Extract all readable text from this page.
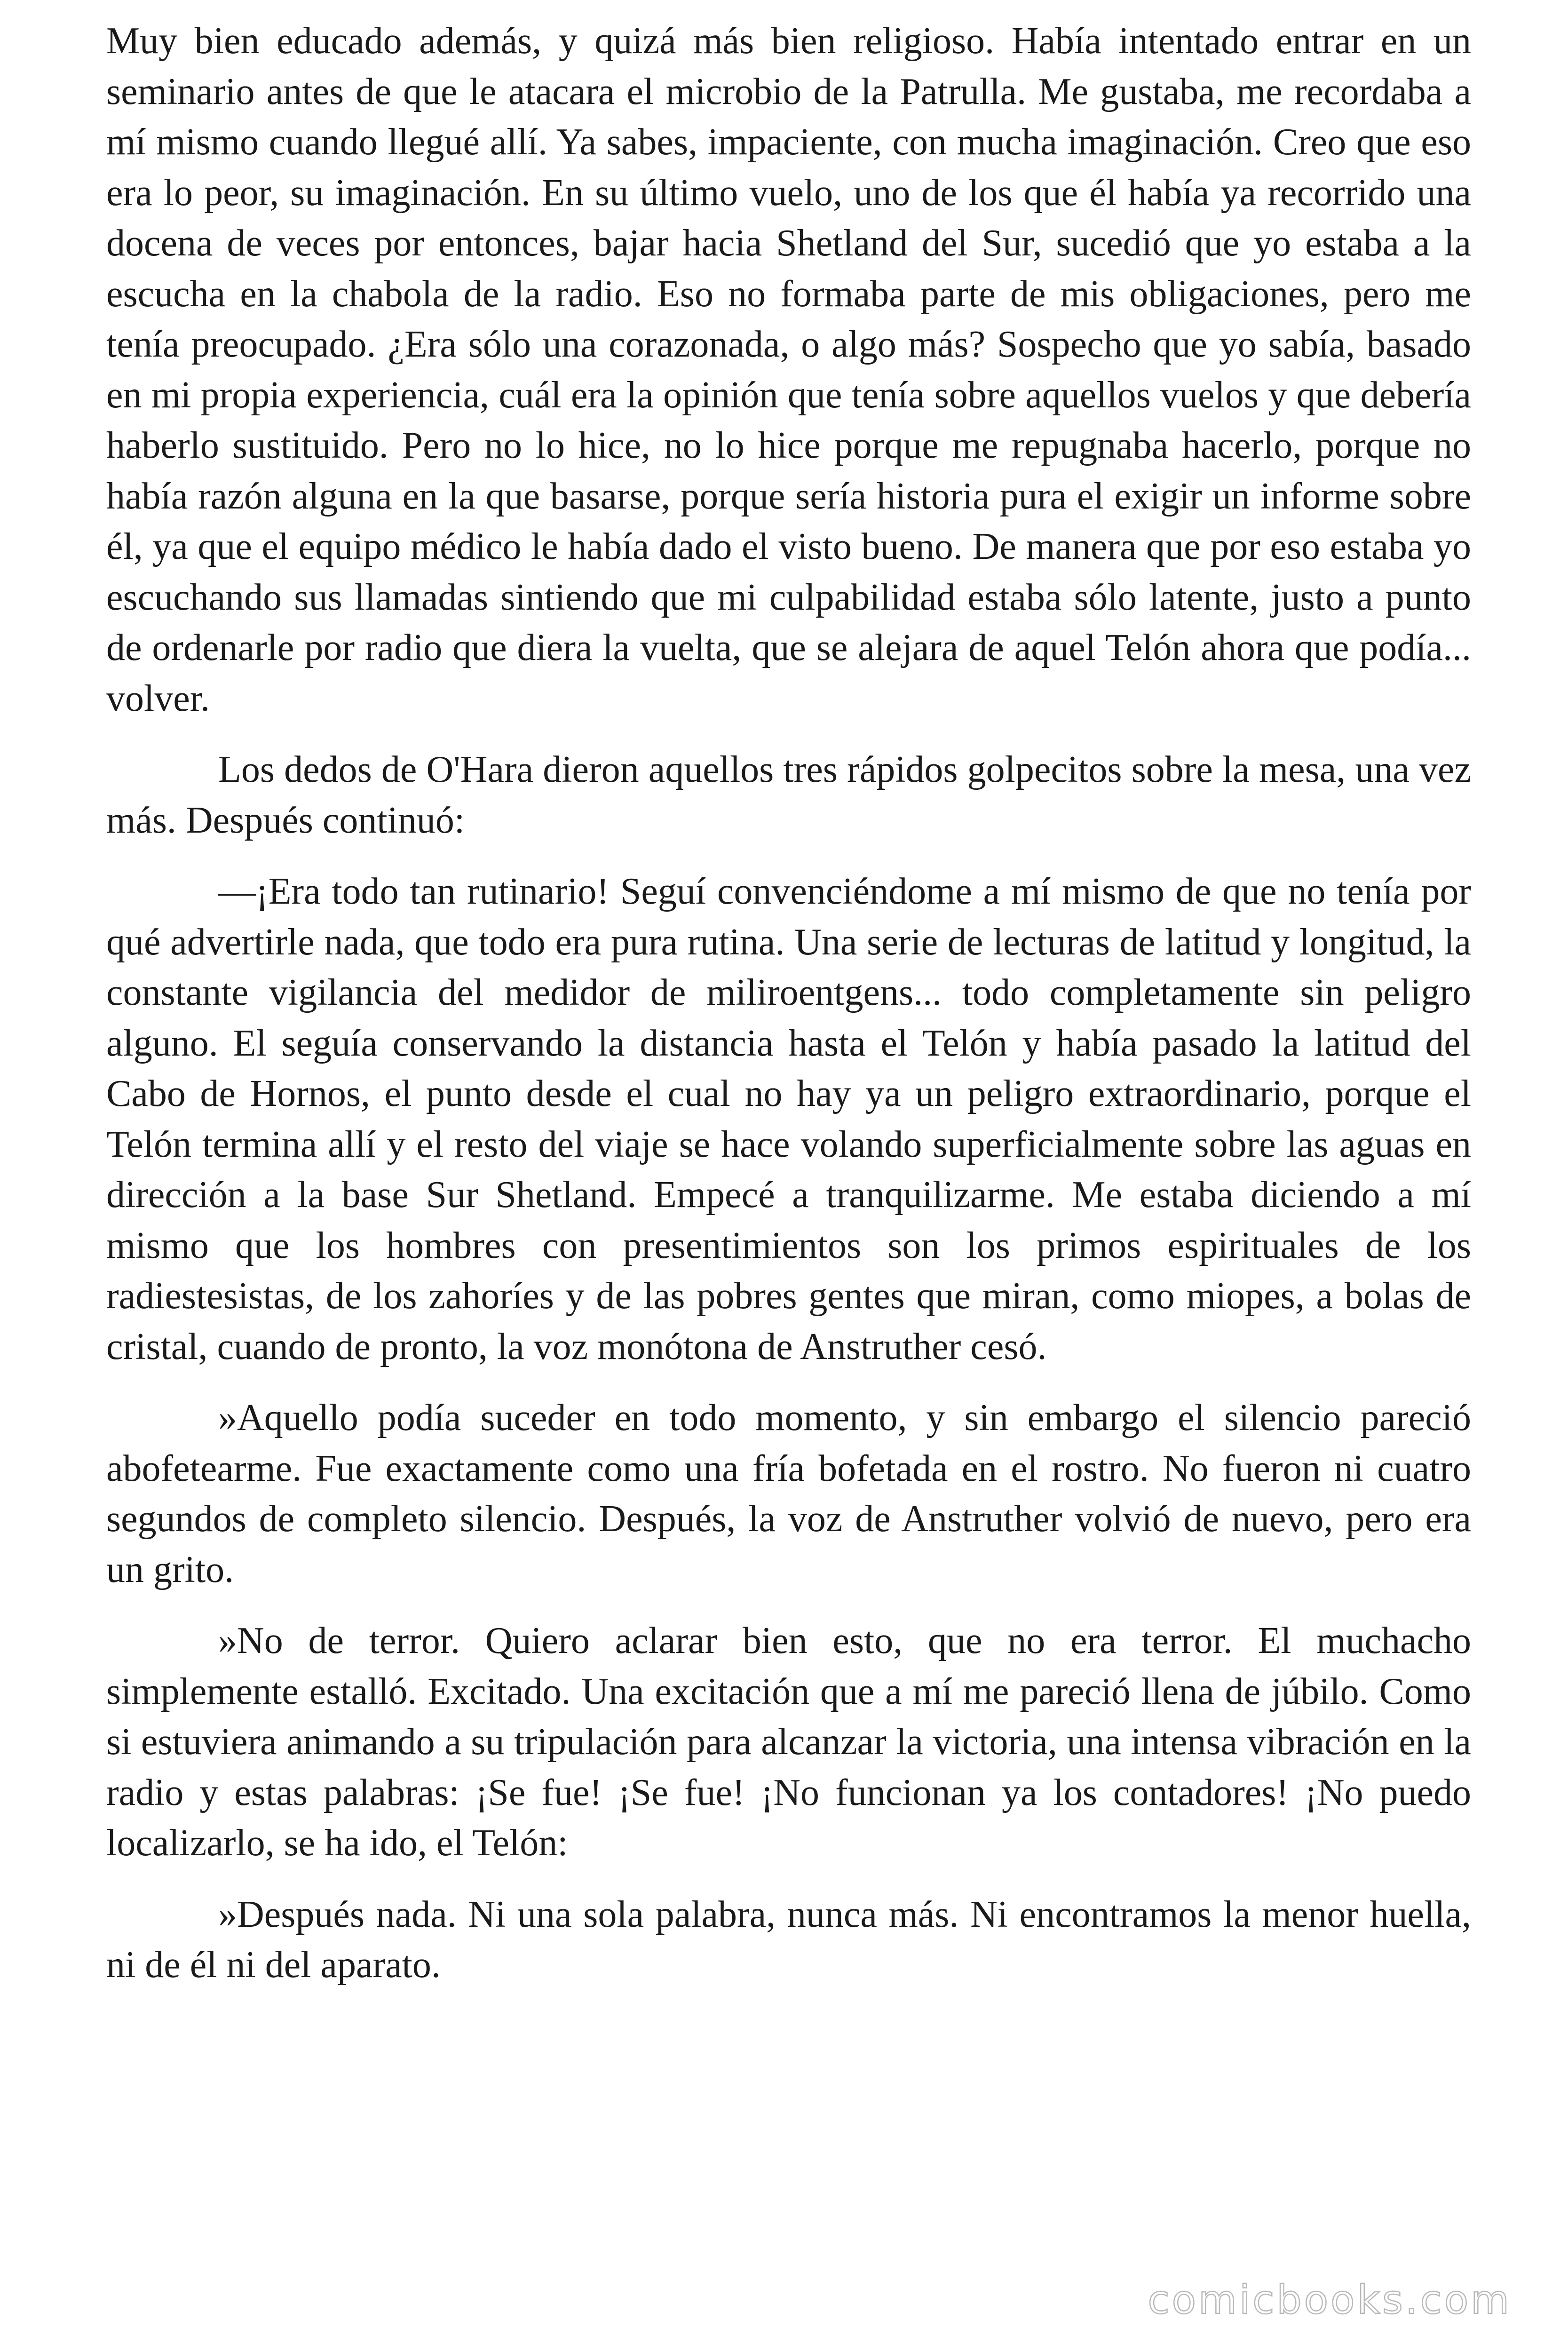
Muy bien educado además, y quizá más bien religioso. Había intentado entrar en un seminario antes de que le atacara el microbio de la Patrulla. Me gustaba, me recordaba a mí mismo cuando llegué allí. Ya sabes, impaciente, con mucha imaginación. Creo que eso era lo peor, su imaginación. En su último vuelo, uno de los que él había ya recorrido una docena de veces por entonces, bajar hacia Shetland del Sur, sucedió que yo estaba a la escucha en la chabola de la radio. Eso no formaba parte de mis obligaciones, pero me tenía preocupado. ¿Era sólo una corazonada, o algo más? Sospecho que yo sabía, basado en mi propia experiencia, cuál era la opinión que tenía sobre aquellos vuelos y que debería haberlo sustituido. Pero no lo hice, no lo hice porque me repugnaba hacerlo, porque no había razón alguna en la que basarse, porque sería historia pura el exigir un informe sobre él, ya que el equipo médico le había dado el visto bueno. De manera que por eso estaba yo escuchando sus llamadas sintiendo que mi culpabilidad estaba sólo latente, justo a punto de ordenarle por radio que diera la vuelta, que se alejara de aquel Telón ahora que podía... volver.

Los dedos de O'Hara dieron aquellos tres rápidos golpecitos sobre la mesa, una vez más. Después continuó:

—¡Era todo tan rutinario! Seguí convenciéndome a mí mismo de que no tenía por qué advertirle nada, que todo era pura rutina. Una serie de lecturas de latitud y longitud, la constante vigilancia del medidor de miliroentgens... todo completamente sin peligro alguno. El seguía conservando la distancia hasta el Telón y había pasado la latitud del Cabo de Hornos, el punto desde el cual no hay ya un peligro extraordinario, porque el Telón termina allí y el resto del viaje se hace volando superficialmente sobre las aguas en dirección a la base Sur Shetland. Empecé a tranquilizarme. Me estaba diciendo a mí mismo que los hombres con presentimientos son los primos espirituales de los radiestesistas, de los zahoríes y de las pobres gentes que miran, como miopes, a bolas de cristal, cuando de pronto, la voz monótona de Anstruther cesó.

»Aquello podía suceder en todo momento, y sin embargo el silencio pareció abofetearme. Fue exactamente como una fría bofetada en el rostro. No fueron ni cuatro segundos de completo silencio. Después, la voz de Anstruther volvió de nuevo, pero era un grito.

»No de terror. Quiero aclarar bien esto, que no era terror. El muchacho simplemente estalló. Excitado. Una excitación que a mí me pareció llena de júbilo. Como si estuviera animando a su tripulación para alcanzar la victoria, una intensa vibración en la radio y estas palabras: ¡Se fue! ¡Se fue! ¡No funcionan ya los contadores! ¡No puedo localizarlo, se ha ido, el Telón:

»Después nada. Ni una sola palabra, nunca más. Ni encontramos la menor huella, ni de él ni del aparato.

comicbooks.com
